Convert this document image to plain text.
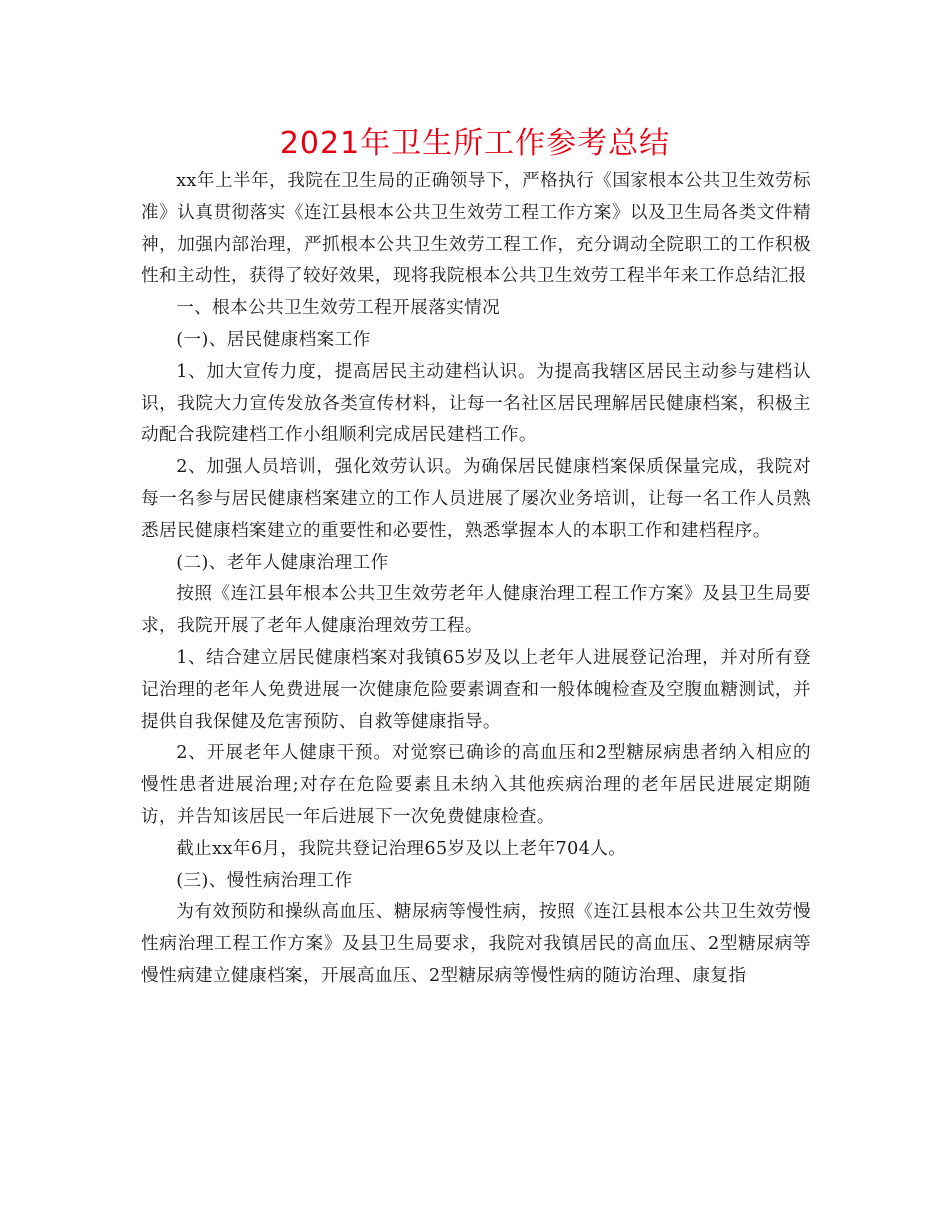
2021年卫生所工作参考总结

xx年上半年，我院在卫生局的正确领导下，严格执行《国家根本公共卫生效劳标准》认真贯彻落实《连江县根本公共卫生效劳工程工作方案》以及卫生局各类文件精神，加强内部治理，严抓根本公共卫生效劳工程工作，充分调动全院职工的工作积极性和主动性，获得了较好效果，现将我院根本公共卫生效劳工程半年来工作总结汇报

一、根本公共卫生效劳工程开展落实情况

(一)、居民健康档案工作

1、加大宣传力度，提高居民主动建档认识。为提高我辖区居民主动参与建档认识，我院大力宣传发放各类宣传材料，让每一名社区居民理解居民健康档案，积极主动配合我院建档工作小组顺利完成居民建档工作。

2、加强人员培训，强化效劳认识。为确保居民健康档案保质保量完成，我院对每一名参与居民健康档案建立的工作人员进展了屡次业务培训，让每一名工作人员熟悉居民健康档案建立的重要性和必要性，熟悉掌握本人的本职工作和建档程序。

(二)、老年人健康治理工作

按照《连江县年根本公共卫生效劳老年人健康治理工程工作方案》及县卫生局要求，我院开展了老年人健康治理效劳工程。

1、结合建立居民健康档案对我镇65岁及以上老年人进展登记治理，并对所有登记治理的老年人免费进展一次健康危险要素调查和一般体魄检查及空腹血糖测试，并提供自我保健及危害预防、自救等健康指导。

2、开展老年人健康干预。对觉察已确诊的高血压和2型糖尿病患者纳入相应的慢性患者进展治理;对存在危险要素且未纳入其他疾病治理的老年居民进展定期随访，并告知该居民一年后进展下一次免费健康检查。

截止xx年6月，我院共登记治理65岁及以上老年704人。

(三)、慢性病治理工作

为有效预防和操纵高血压、糖尿病等慢性病，按照《连江县根本公共卫生效劳慢性病治理工程工作方案》及县卫生局要求，我院对我镇居民的高血压、2型糖尿病等慢性病建立健康档案，开展高血压、2型糖尿病等慢性病的随访治理、康复指
